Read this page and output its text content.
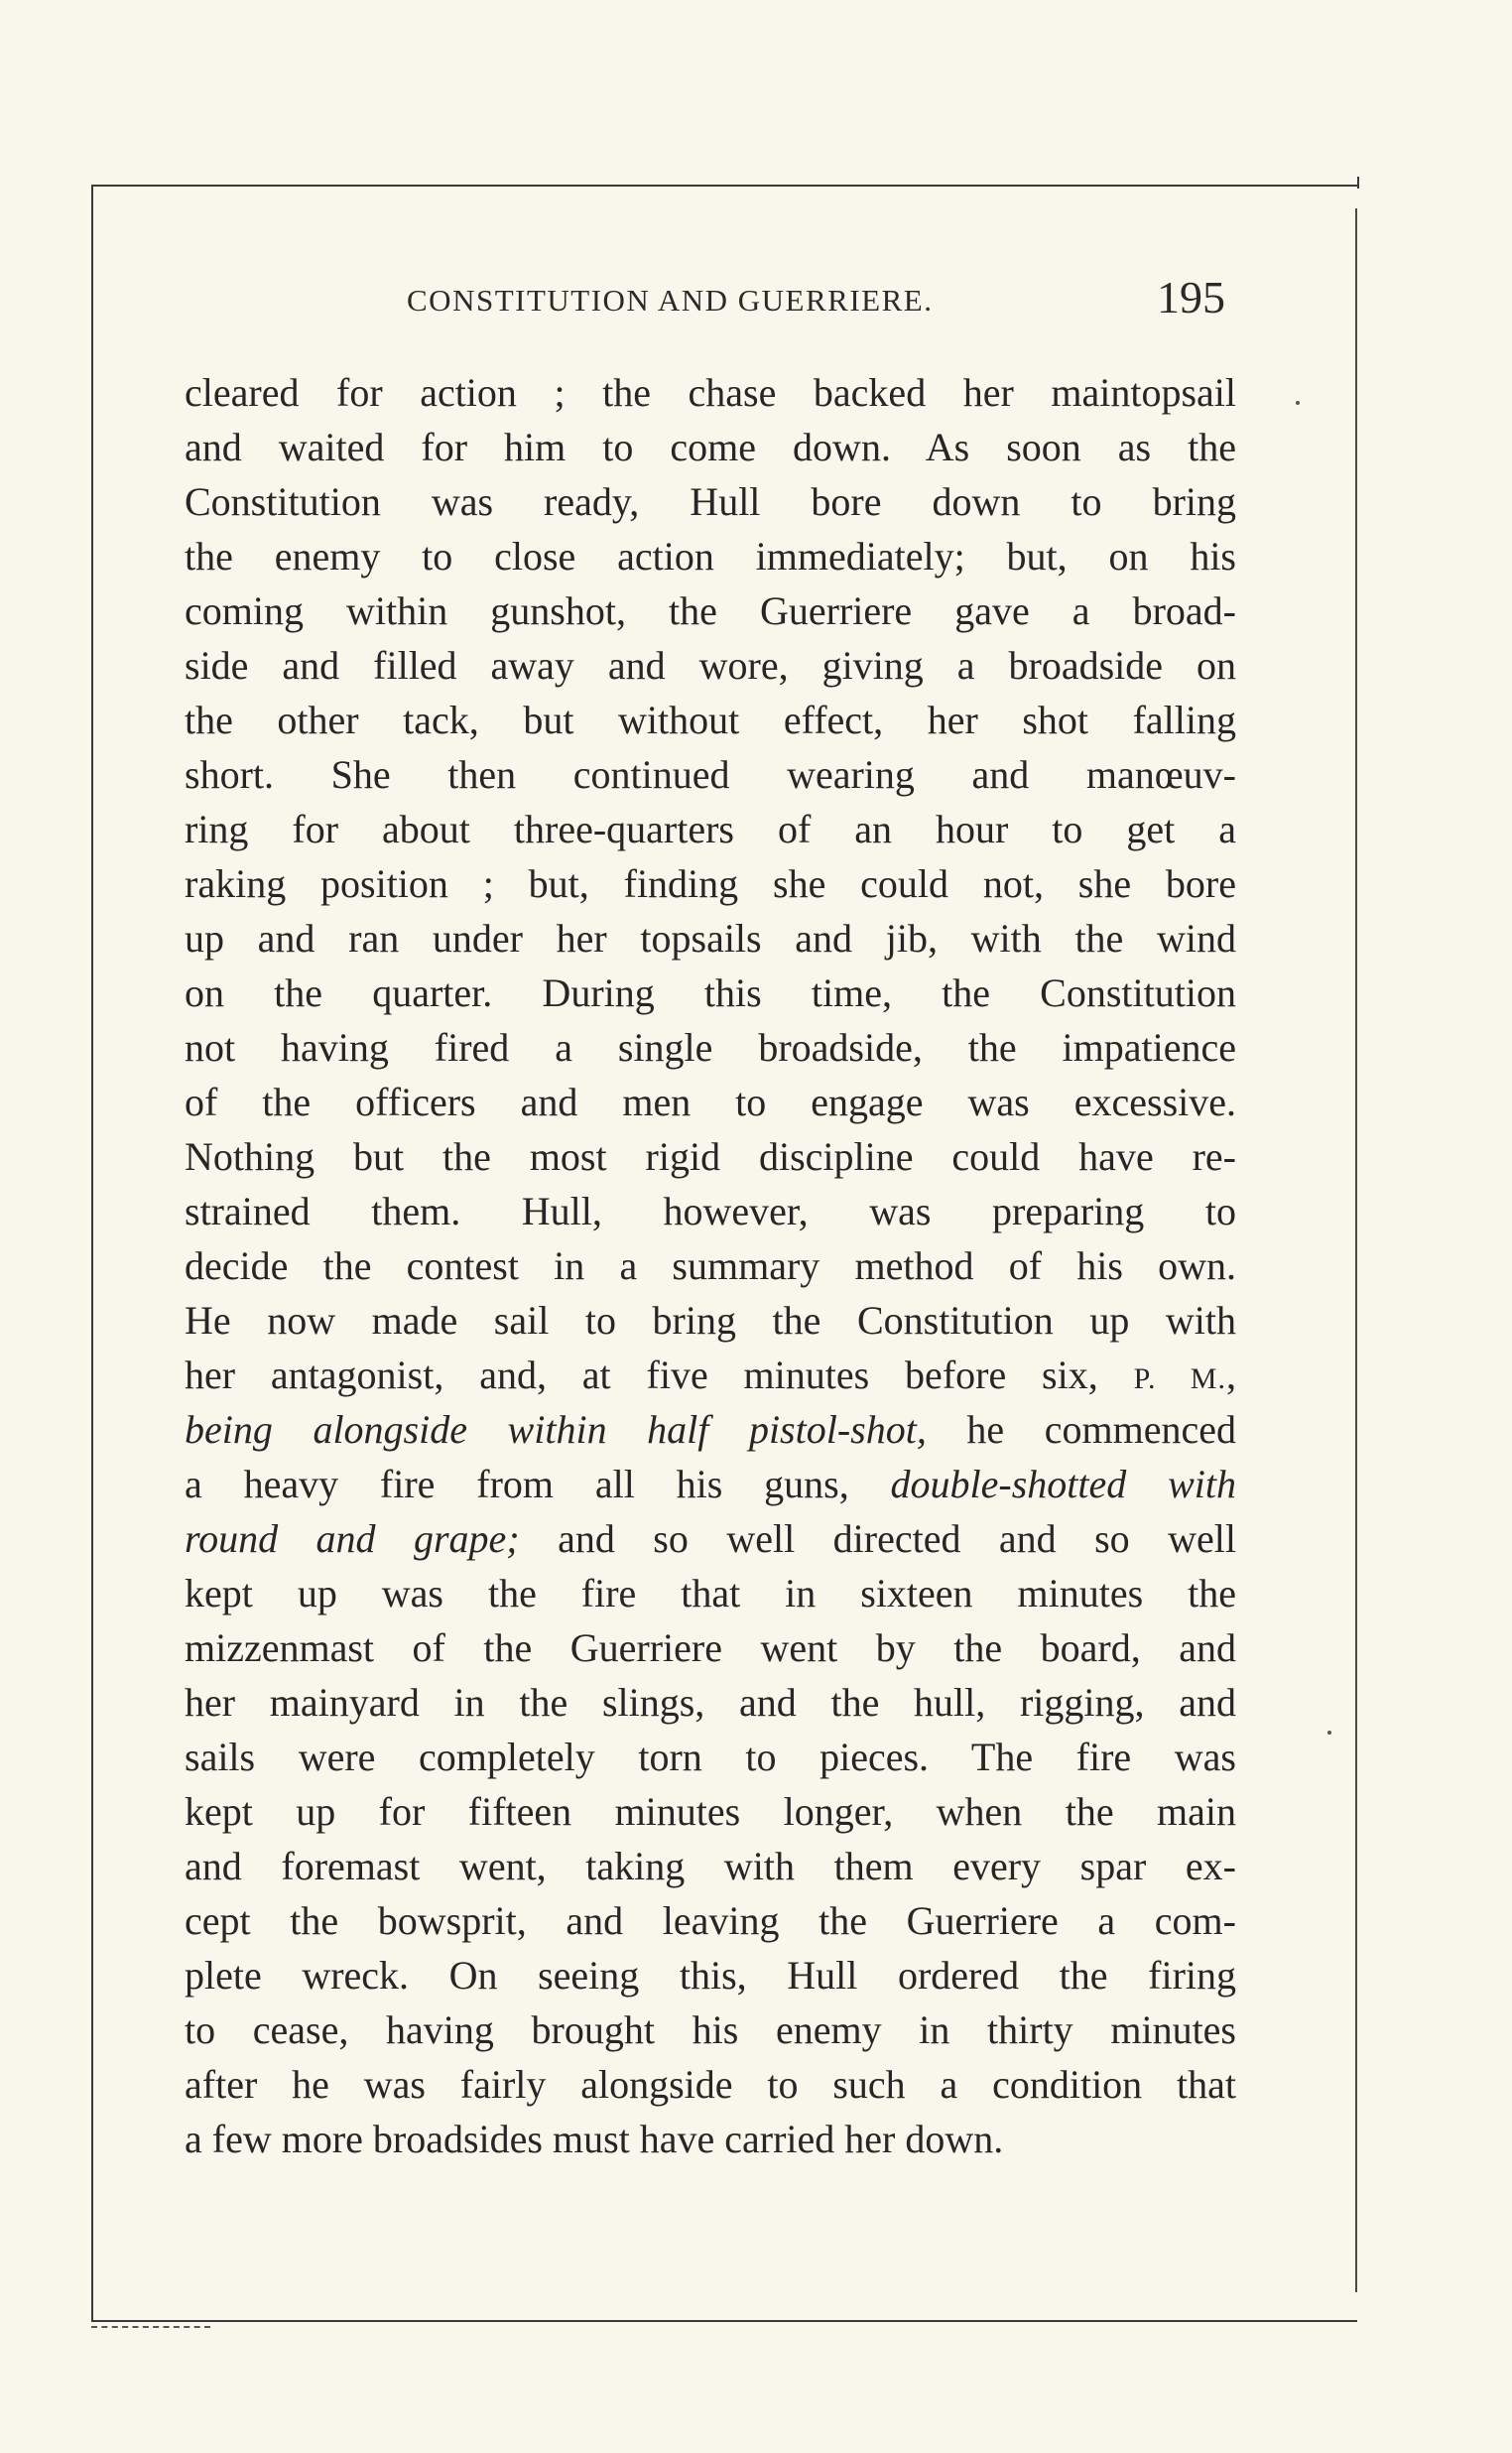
CONSTITUTION AND GUERRIERE.	195
cleared for action ; the chase backed her maintopsail
and waited for him to come down. As soon as the
Constitution was ready, Hull bore down to bring
the enemy to close action immediately; but, on his
coming within gunshot, the Guerriere gave a broad-
side and filled away and wore, giving a broadside on
the other tack, but without effect, her shot falling
short. She then continued wearing and manœuv-
ring for about three-quarters of an hour to get a
raking position ; but, finding she could not, she bore
up and ran under her topsails and jib, with the wind
on the quarter. During this time, the Constitution
not having fired a single broadside, the impatience
of the officers and men to engage was excessive.
Nothing but the most rigid discipline could have re-
strained them. Hull, however, was preparing to
decide the contest in a summary method of his own.
He now made sail to bring the Constitution up with
her antagonist, and, at five minutes before six, P. M.,
being alongside within half pistol-shot, he commenced
a heavy fire from all his guns, double-shotted with
round and grape; and so well directed and so well
kept up was the fire that in sixteen minutes the
mizzenmast of the Guerriere went by the board, and
her mainyard in the slings, and the hull, rigging, and
sails were completely torn to pieces. The fire was
kept up for fifteen minutes longer, when the main
and foremast went, taking with them every spar ex-
cept the bowsprit, and leaving the Guerriere a com-
plete wreck. On seeing this, Hull ordered the firing
to cease, having brought his enemy in thirty minutes
after he was fairly alongside to such a condition that
a few more broadsides must have carried her down.
